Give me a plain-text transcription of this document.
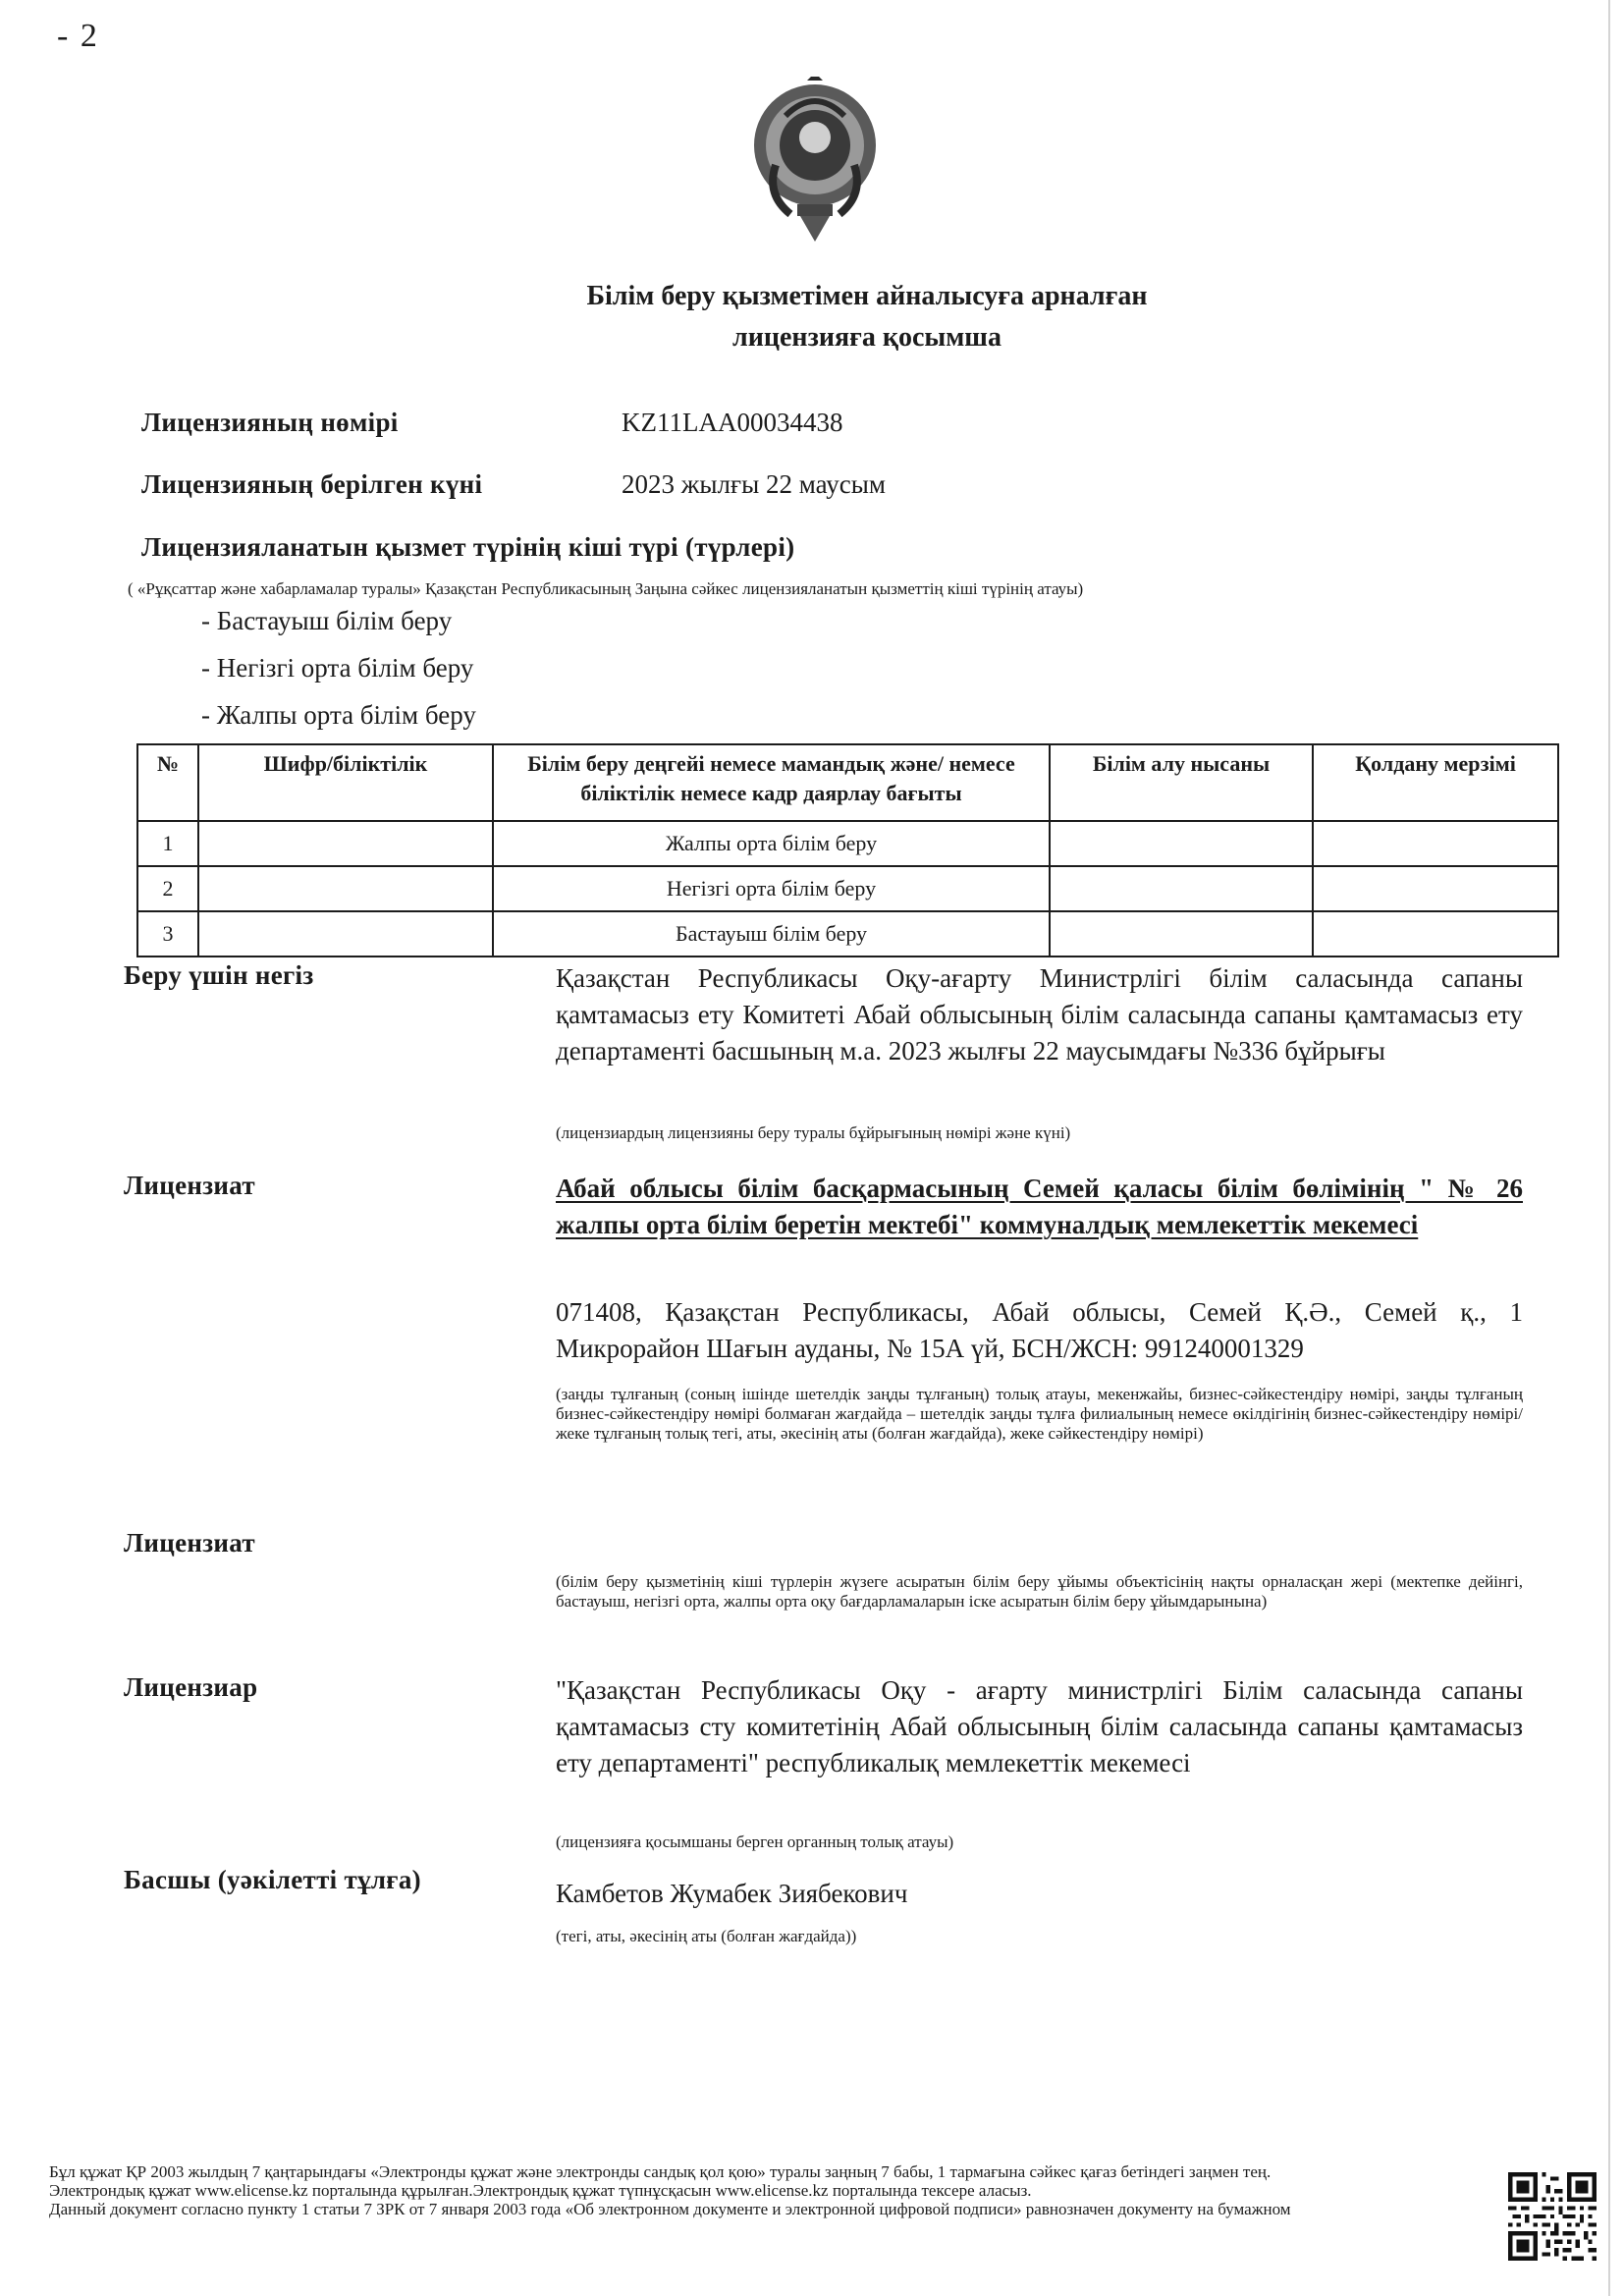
- 2
Білім беру қызметімен айналысуға арналған
лицензияға қосымша
Лицензияның нөмірі	KZ11LAA00034438
Лицензияның берілген күні	2023 жылғы 22 маусым
Лицензияланатын қызмет түрінің кіші түрі (түрлері)
( «Рұқсаттар және хабарламалар туралы» Қазақстан Республикасының Заңына сәйкес лицензияланатын қызметтің кіші түрінің атауы)
- Бастауыш білім беру
- Негізгі орта білім беру
- Жалпы орта білім беру
№	Шифр/біліктілік	Білім беру деңгейі немесе мамандық және/ немесе біліктілік немесе кадр даярлау бағыты	Білім алу нысаны	Қолдану мерзімі
1		Жалпы орта білім беру		
2		Негізгі орта білім беру		
3		Бастауыш білім беру		
Беру үшін негіз	Қазақстан Республикасы Оқу-ағарту Министрлігі білім саласында сапаны қамтамасыз ету Комитеті Абай облысының білім саласында сапаны қамтамасыз ету департаменті басшының м.а. 2023 жылғы 22 маусымдағы №336 бұйрығы
(лицензиардың лицензияны беру туралы бұйрығының нөмірі және күні)
Лицензиат	Абай облысы білім басқармасының Семей қаласы білім бөлімінің " № 26 жалпы орта білім беретін мектебі" коммуналдық мемлекеттік мекемесі
071408, Қазақстан Республикасы, Абай облысы, Семей Қ.Ә., Семей қ., 1 Микрорайон Шағын ауданы, № 15А үй, БСН/ЖСН: 991240001329
(заңды тұлғаның (соның ішінде шетелдік заңды тұлғаның) толық атауы, мекенжайы, бизнес-сәйкестендіру нөмірі, заңды тұлғаның бизнес-сәйкестендіру нөмірі болмаған жағдайда – шетелдік заңды тұлға филиалының немесе өкілдігінің бизнес-сәйкестендіру нөмірі/жеке тұлғаның толық тегі, аты, әкесінің аты (болған жағдайда), жеке сәйкестендіру нөмірі)
Лицензиат
(білім беру қызметінің кіші түрлерін жүзеге асыратын білім беру ұйымы объектісінің нақты орналасқан жері (мектепке дейінгі, бастауыш, негізгі орта, жалпы орта оқу бағдарламаларын іске асыратын білім беру ұйымдарынына)
Лицензиар	"Қазақстан Республикасы Оқу - ағарту министрлігі Білім саласында сапаны қамтамасыз сту комитетінің Абай облысының білім саласында сапаны қамтамасыз ету департаменті" республикалық мемлекеттік мекемесі
(лицензияға қосымшаны берген органның толық атауы)
Басшы (уәкілетті тұлға)	Камбетов Жумабек Зиябекович
(тегі, аты, әкесінің аты (болған жағдайда))
Бұл құжат ҚР 2003 жылдың 7 қаңтарындағы «Электронды құжат және электронды сандық қол қою» туралы заңның 7 бабы, 1 тармағына сәйкес қағаз бетіндегі заңмен тең.
Электрондық құжат www.elicense.kz порталында құрылған.Электрондық құжат түпнұсқасын www.elicense.kz порталында тексере аласыз.
Данный документ согласно пункту 1 статьи 7 ЗРК от 7 января 2003 года «Об электронном документе и электронной цифровой подписи» равнозначен документу на бумажном
